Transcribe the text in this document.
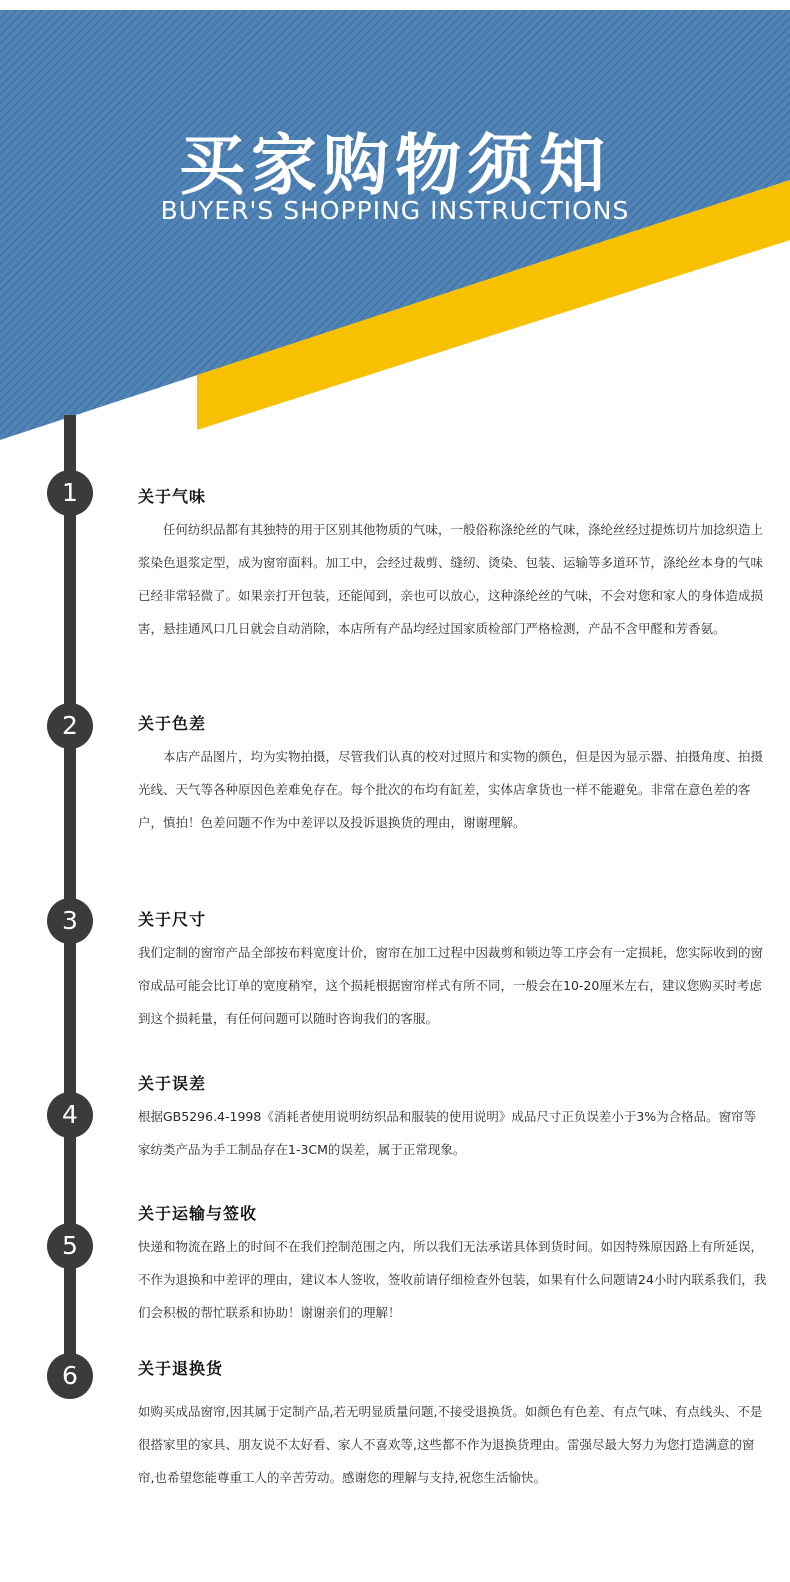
买家购物须知
BUYER'S SHOPPING INSTRUCTIONS
1	关于气味

任何纺织品都有其独特的用于区别其他物质的气味，一般俗称涤纶丝的气味，涤纶丝经过提炼切片加捻织造上浆染色退浆定型，成为窗帘面料。加工中，会经过裁剪、缝纫、烫染、包装、运输等多道环节，涤纶丝本身的气味已经非常轻微了。如果亲打开包装，还能闻到，亲也可以放心，这种涤纶丝的气味，不会对您和家人的身体造成损害，悬挂通风口几日就会自动消除，本店所有产品均经过国家质检部门严格检测，产品不含甲醛和芳香氨。

2	关于色差

本店产品图片，均为实物拍摄，尽管我们认真的校对过照片和实物的颜色，但是因为显示器、拍摄角度、拍摄光线、天气等各种原因色差难免存在。每个批次的布均有缸差，实体店拿货也一样不能避免。非常在意色差的客户，慎拍！色差问题不作为中差评以及投诉退换货的理由，谢谢理解。

3	关于尺寸

我们定制的窗帘产品全部按布料宽度计价，窗帘在加工过程中因裁剪和锁边等工序会有一定损耗，您实际收到的窗帘成品可能会比订单的宽度稍窄，这个损耗根据窗帘样式有所不同，一般会在10-20厘米左右，建议您购买时考虑到这个损耗量，有任何问题可以随时咨询我们的客服。

4
关于误差

根据GB5296.4-1998《消耗者使用说明纺织品和服装的使用说明》成品尺寸正负误差小于3%为合格品。窗帘等家纺类产品为手工制品存在1-3CM的误差，属于正常现象。

5
关于运输与签收

快递和物流在路上的时间不在我们控制范围之内，所以我们无法承诺具体到货时间。如因特殊原因路上有所延误，不作为退换和中差评的理由，建议本人签收，签收前请仔细检查外包装，如果有什么问题请24小时内联系我们，我们会积极的帮忙联系和协助！谢谢亲们的理解！

6	关于退换货

如购买成品窗帘,因其属于定制产品,若无明显质量问题,不接受退换货。如颜色有色差、有点气味、有点线头、不是很搭家里的家具、朋友说不太好看、家人不喜欢等,这些都不作为退换货理由。雷强尽最大努力为您打造满意的窗帘,也希望您能尊重工人的辛苦劳动。感谢您的理解与支持,祝您生活愉快。
